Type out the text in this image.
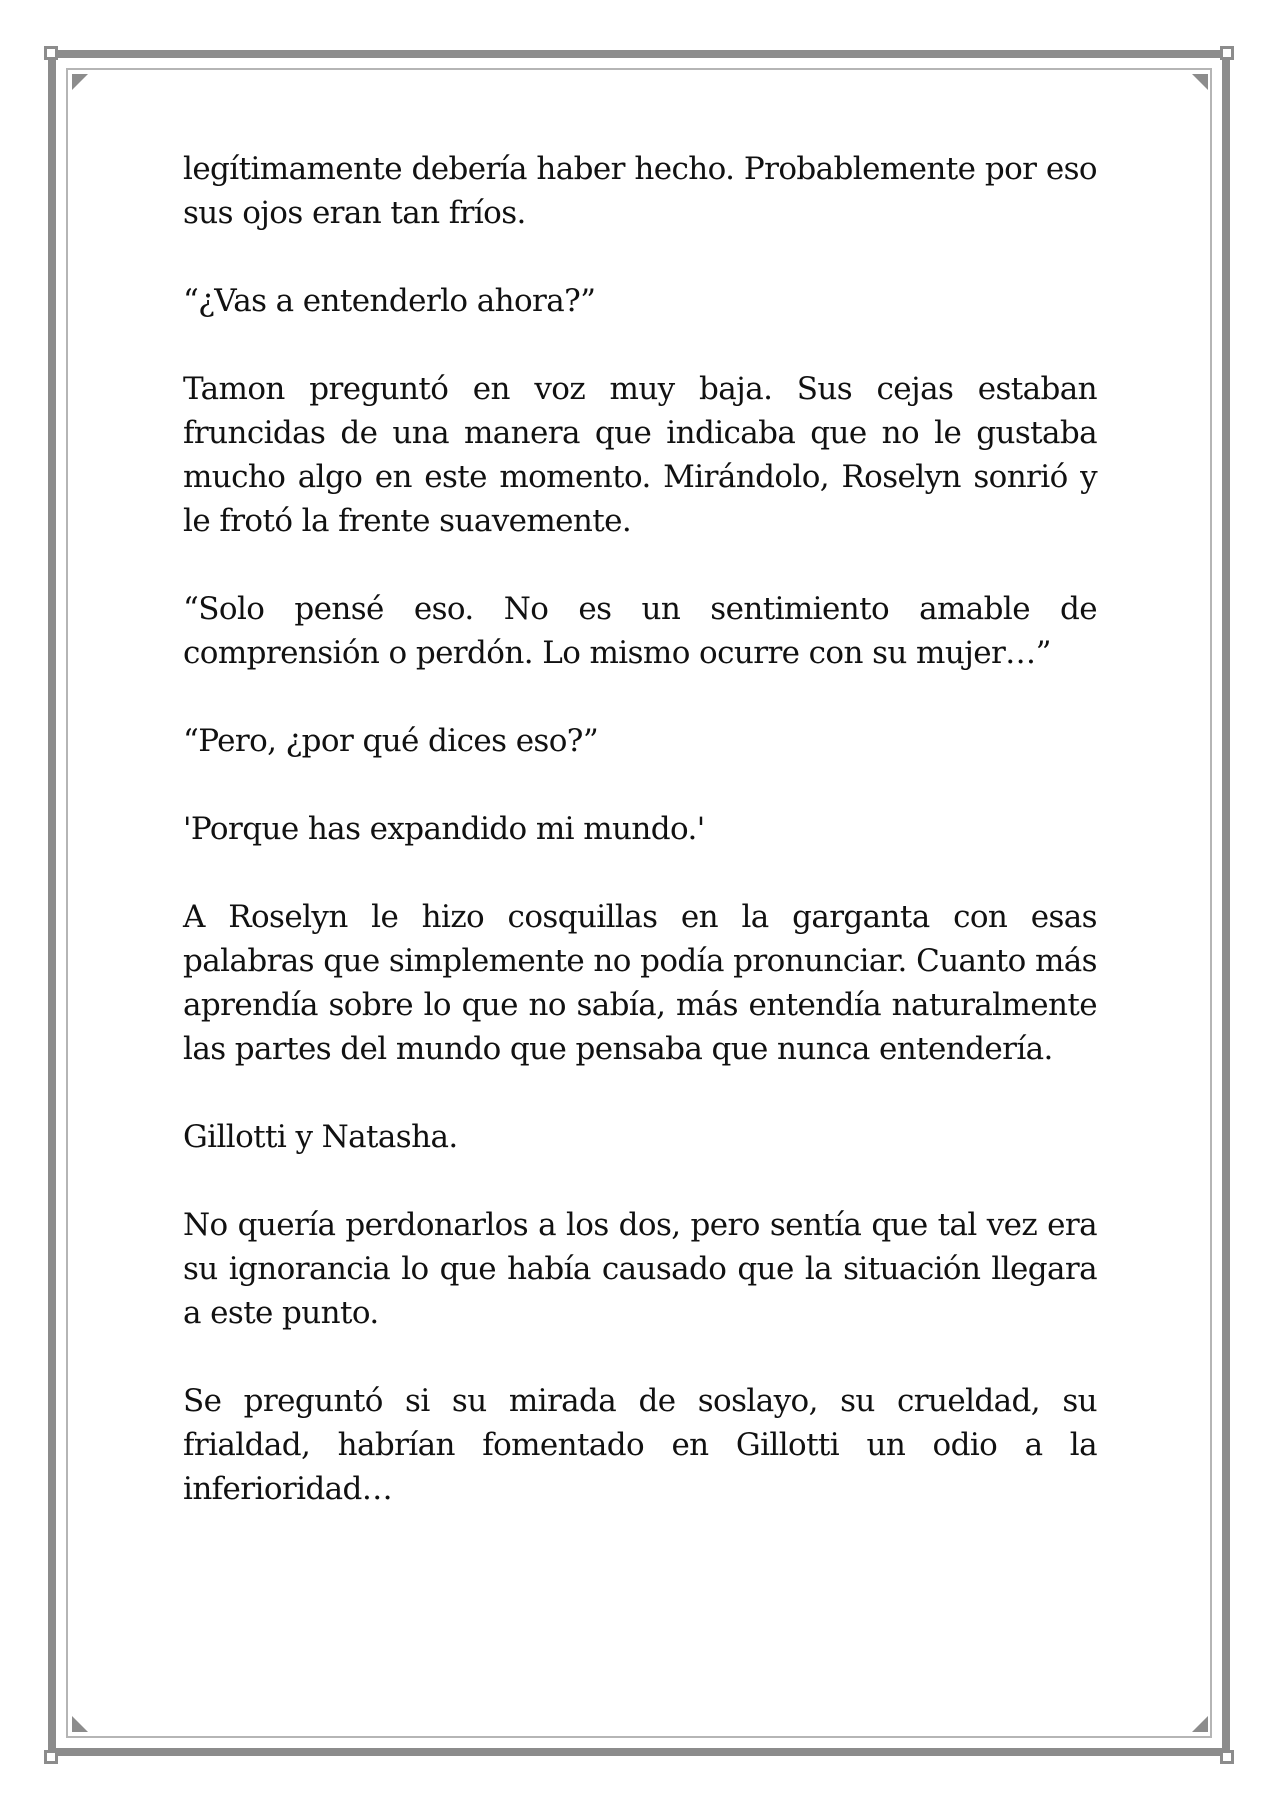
legítimamente debería haber hecho. Probablemente por eso sus ojos eran tan fríos.

“¿Vas a entenderlo ahora?”

Tamon preguntó en voz muy baja. Sus cejas estaban fruncidas de una manera que indicaba que no le gustaba mucho algo en este momento. Mirándolo, Roselyn sonrió y le frotó la frente suavemente.

“Solo pensé eso. No es un sentimiento amable de comprensión o perdón. Lo mismo ocurre con su mujer…”

“Pero, ¿por qué dices eso?”

'Porque has expandido mi mundo.'

A Roselyn le hizo cosquillas en la garganta con esas palabras que simplemente no podía pronunciar. Cuanto más aprendía sobre lo que no sabía, más entendía naturalmente las partes del mundo que pensaba que nunca entendería.

Gillotti y Natasha.

No quería perdonarlos a los dos, pero sentía que tal vez era su ignorancia lo que había causado que la situación llegara a este punto.

Se preguntó si su mirada de soslayo, su crueldad, su frialdad, habrían fomentado en Gillotti un odio a la inferioridad…
